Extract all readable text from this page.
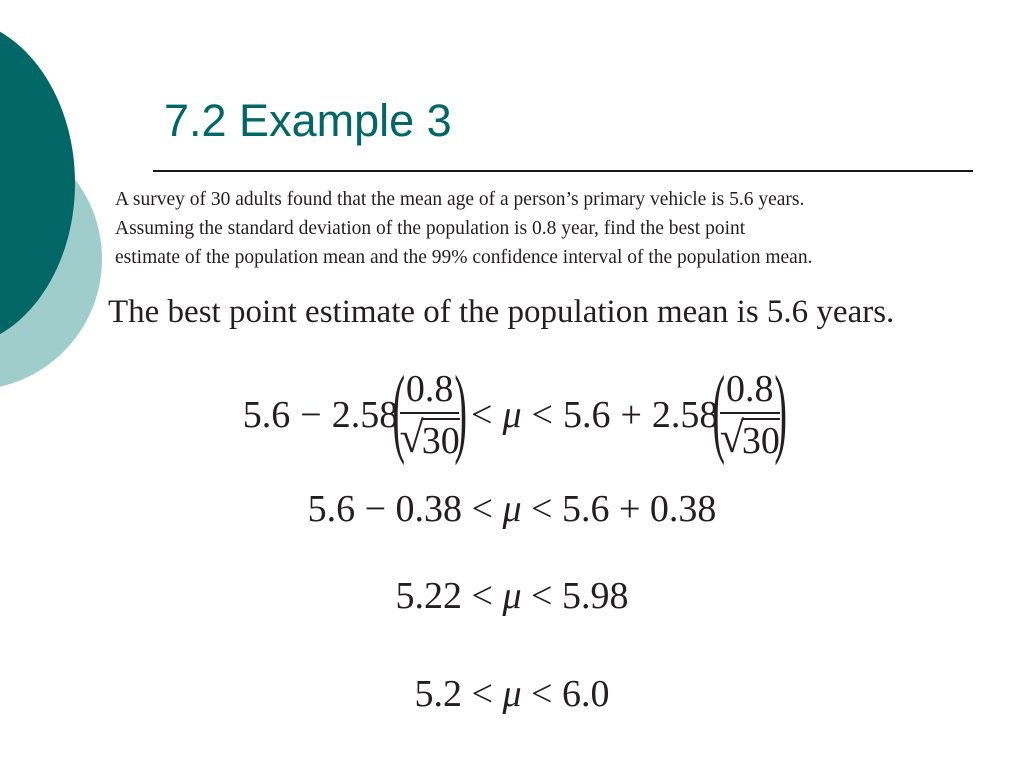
7.2 Example 3
A survey of 30 adults found that the mean age of a person’s primary vehicle is 5.6 years.
Assuming the standard deviation of the population is 0.8 year, find the best point
estimate of the population mean and the 99% confidence interval of the population mean.

The best point estimate of the population mean is 5.6 years.

5.6 − 2.58
(
0.8
√
30
) < μ < 5.6 + 2.58
(
0.8
√
30
)
5.6 − 0.38 < μ < 5.6 + 0.38
5.22 < μ < 5.98
5.2 < μ < 6.0
